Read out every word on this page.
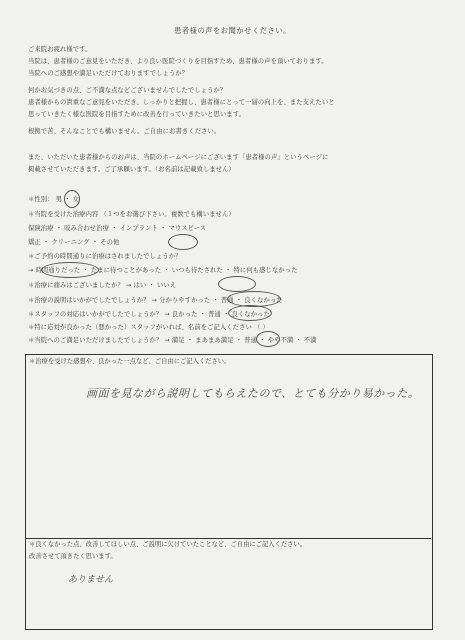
患者様の声をお聞かせください。
ご来院お疲れ様です。
当院は、患者様のご意見をいただき、より良い医院づくりを目指すため、患者様の声を頂いております。
当院へのご感想や満足いただけておりますでしょうか？
何かお気づきの点、ご不満な点などございませんでしたでしょうか？
患者様からの貴重なご意見をいただき、しっかりと把握し、患者様にとって一層の向上を、また支えたいと
思っていきたく様な医院を目指すために改善を行っていきたいと思います。
根拠で苦、そんなことでも構いません。ご自由にお書きください。
また、いただいた患者様からのお声は、当院のホームページにございます「患者様の声」というページに
掲載させていただきます。ご了承願います。（お名前は記載致しません）
＊性別： 男 ・ 女
＊当院を受けた治療内容 （１つをお選び下さい。複数でも構いません）
保険治療 ・ 咬み合わせ治療 ・ インプラント ・ マウスピース
矯正 ・ クリーニング ・ その他
＊ご予約の時間通りに治療はされましたでしょうか？
→ 時間通りだった ・ たまに待つことがあった ・ いつも待たされた ・ 特に何も感じなかった
＊治療に痛みはございましたか？ → はい ・ いいえ
＊治療の説明はいかがでしたでしょうか？ → 分かりやすかった ・ 普通 ・ 良くなかった
＊スタッフの対応はいかがでしたでしょうか？ → 良かった ・ 普通 ・ 良くなかった
＊特に応対が良かった（悪かった）スタッフがいれば、名前をご記入ください （ ）
＊当院へのご満足いただけましたでしょうか？ → 満足 ・ まあまあ満足 ・ 普通 ・ やや不満 ・ 不満
＊治療を受けた感想や、良かった一点など、ご自由にご記入ください。
画面を見ながら説明してもらえたので、とても分かり易かった。
＊良くなかった点、改善してほしい点、ご説明に欠けていたことなど、ご自由にご記入ください。
改善させて頂きたく思います。
ありません
